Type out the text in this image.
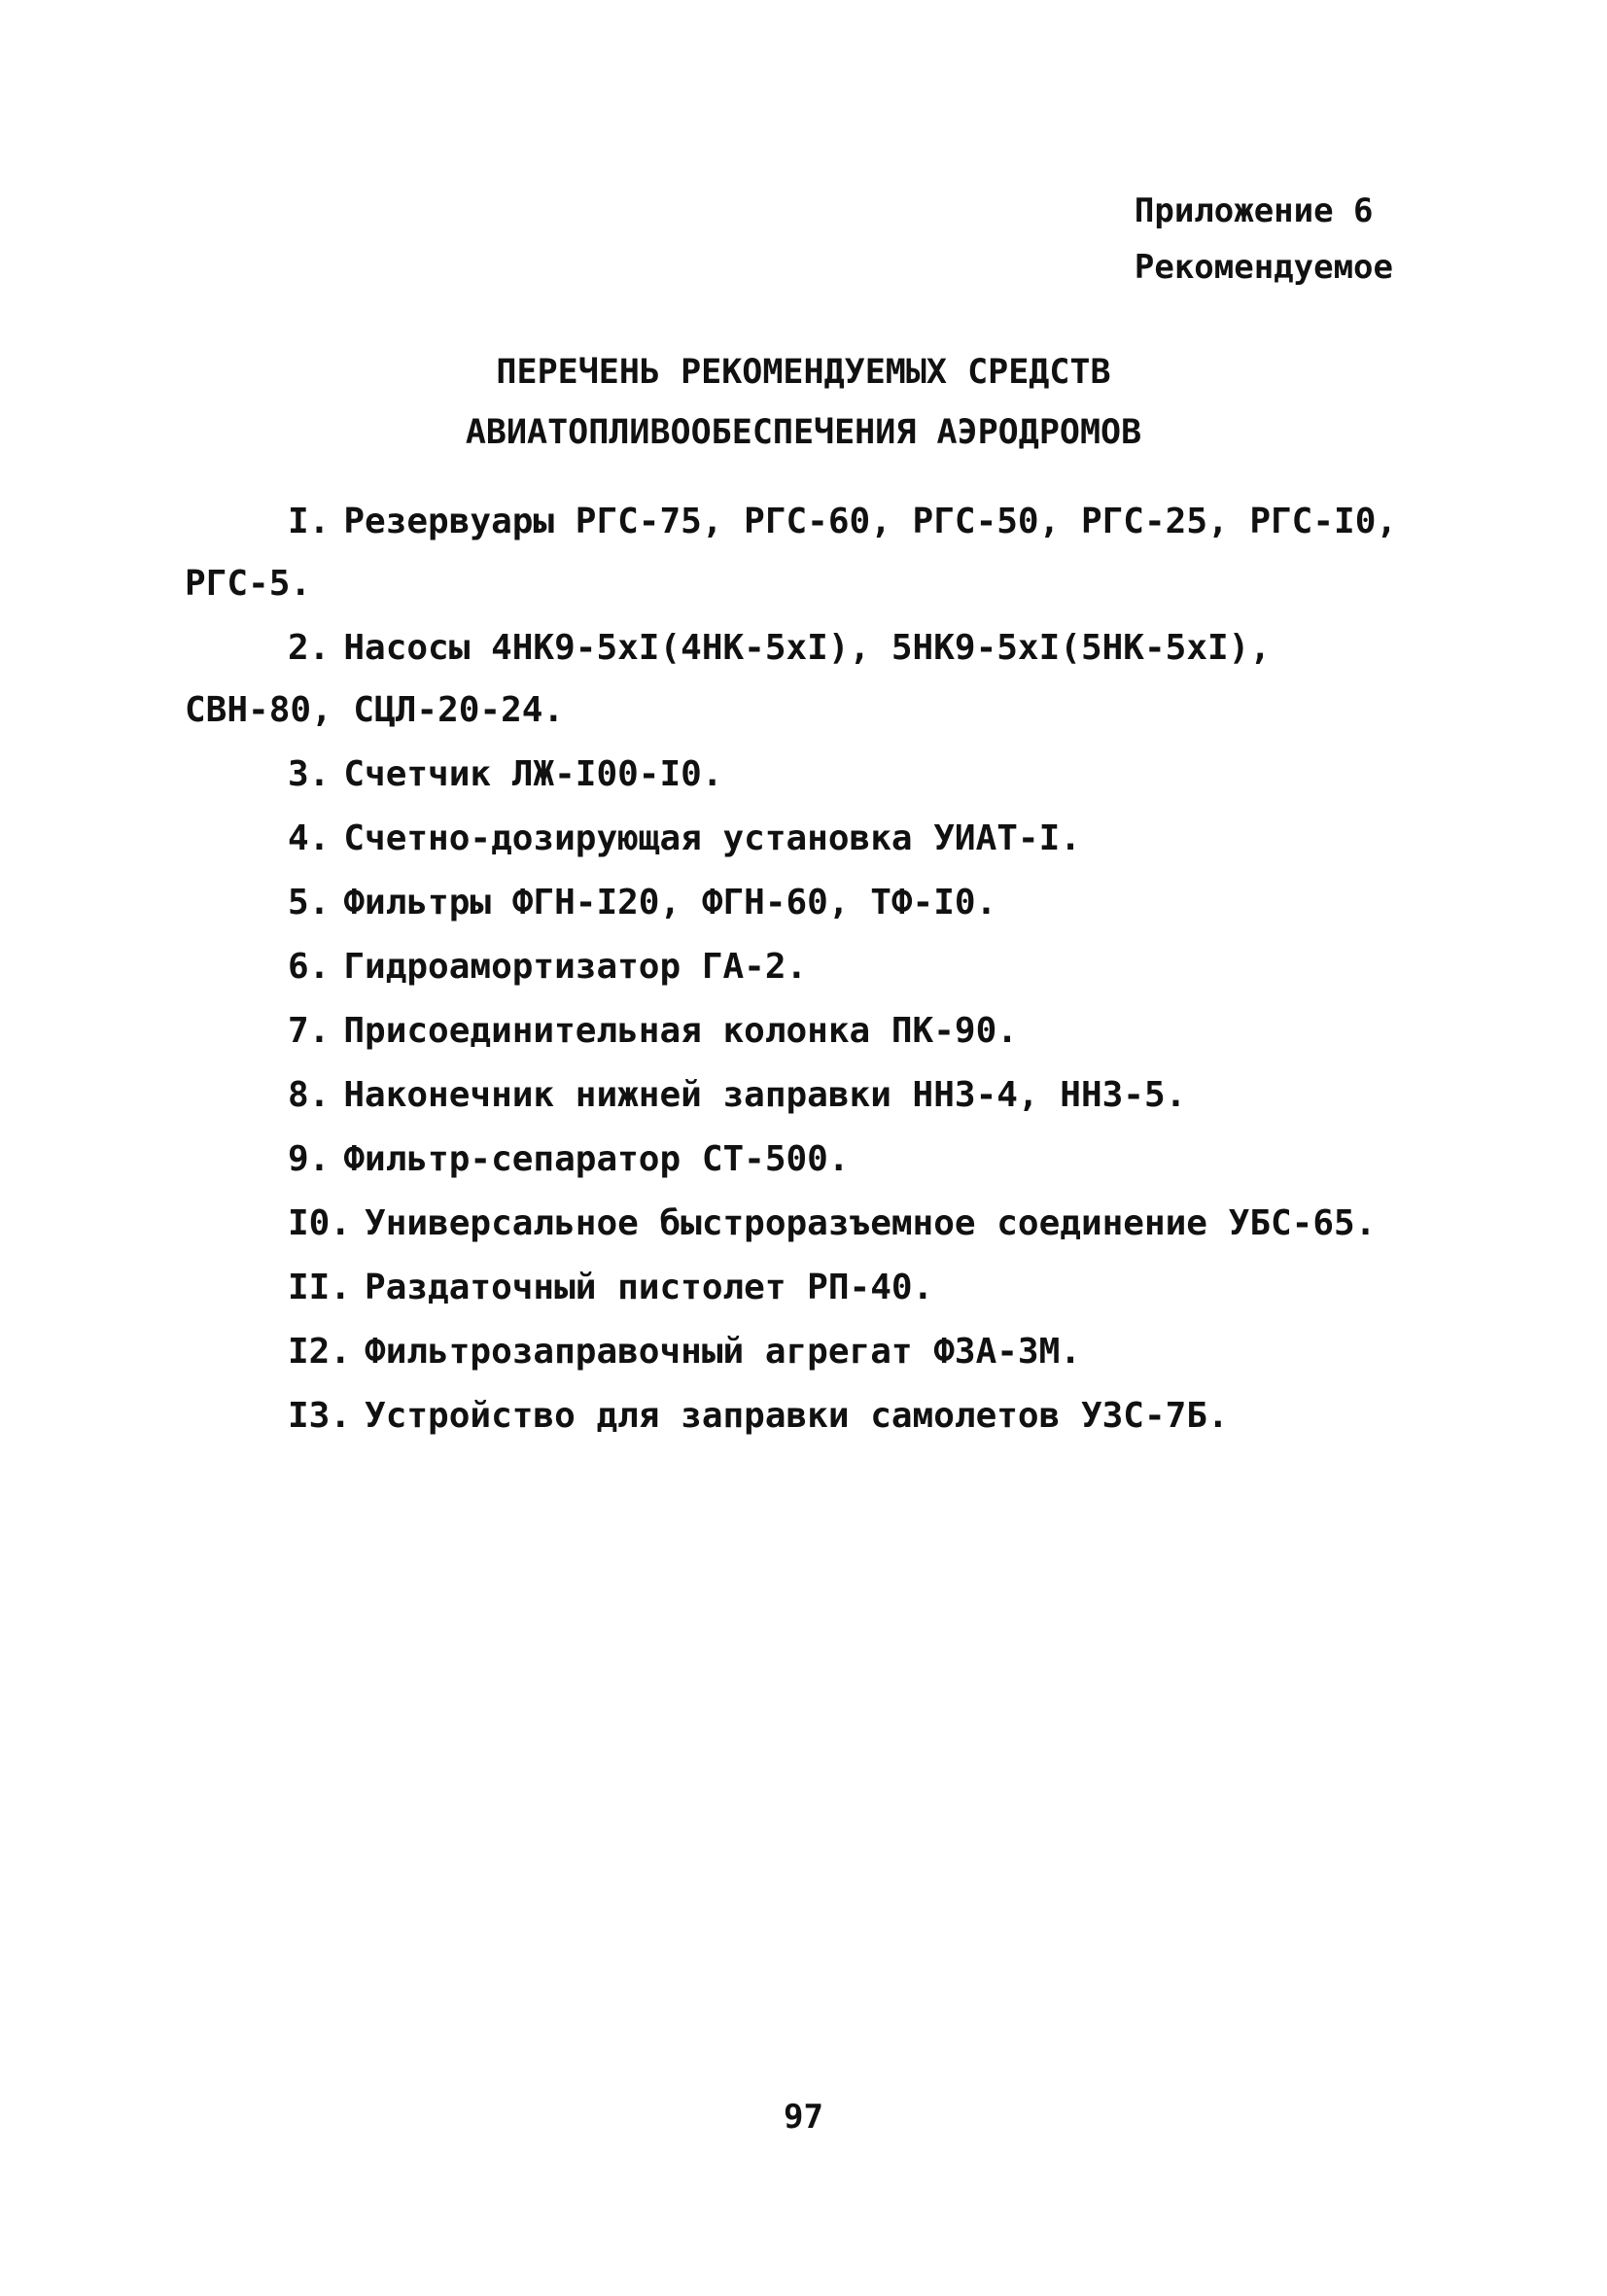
Приложение 6
Рекомендуемое
ПЕРЕЧЕНЬ РЕКОМЕНДУЕМЫХ СРЕДСТВ
АВИАТОПЛИВООБЕСПЕЧЕНИЯ АЭРОДРОМОВ
I. Резервуары РГС-75, РГС-60, РГС-50, РГС-25, РГС-I0, РГС-5.
2. Насосы 4НК9-5хI(4НК-5хI), 5НК9-5хI(5НК-5хI), СВН-80, СЦЛ-20-24.
3. Счетчик ЛЖ-I00-I0.
4. Счетно-дозирующая установка УИАТ-I.
5. Фильтры ФГН-I20, ФГН-60, ТФ-I0.
6. Гидроамортизатор ГА-2.
7. Присоединительная колонка ПК-90.
8. Наконечник нижней заправки ННЗ-4, ННЗ-5.
9. Фильтр-сепаратор СТ-500.
I0. Универсальное быстроразъемное соединение УБС-65.
II. Раздаточный пистолет РП-40.
I2. Фильтрозаправочный агрегат ФЗА-3М.
I3. Устройство для заправки самолетов УЗС-7Б.
97
